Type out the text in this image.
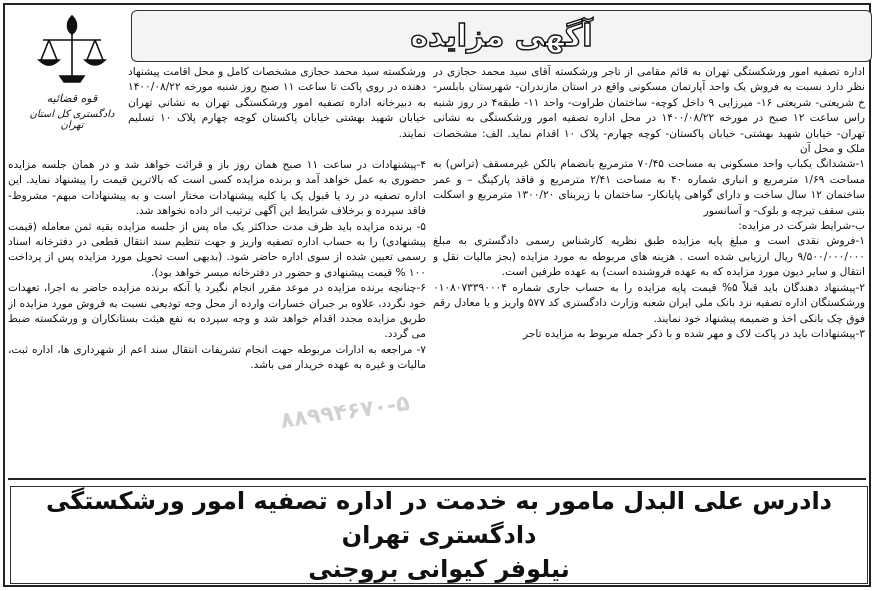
آگهی مزایده
قوه قضائیه
دادگستری کل استان تهران

اداره تصفیه امور ورشکستگی تهران به قائم مقامی از تاجر ورشکسته آقای سید محمد حجازی در نظر دارد نسبت به فروش یک واحد آپارتمان مسکونی واقع در استان مازندران- شهرستان بابلسر- خ شریعتی- شریعتی ۱۶- میرزایی ۹ داخل کوچه- ساختمان طراوت- واحد ۱۱- طبقه۴ در روز شنبه راس ساعت ۱۲ صبح در مورخه ۱۴۰۰/۰۸/۲۲ در محل اداره تصفیه امور ورشکستگی به نشانی تهران- خیابان شهید بهشتی- خیابان پاکستان- کوچه چهارم- پلاک ۱۰ اقدام نماید. الف: مشخصات ملک و محل آن

۱-ششدانگ یکباب واحد مسکونی به مساحت ۷۰/۴۵ مترمربع بانضمام بالکن غیرمسقف (تراس) به مساحت ۱/۶۹ مترمربع و انباری شماره ۴۰ به مساحت ۲/۴۱ مترمربع و فاقد پارکینگ – و عمر ساختمان ۱۲ سال ساخت و دارای گواهی پایانکار- ساختمان با زیربنای ۱۳۰۰/۲۰ مترمربع و اسکلت بتنی سقف تیرچه و بلوک- و آسانسور

ب-شرایط شرکت در مزایده:

۱-فروش نقدی است و مبلغ پایه مزایده طبق نظریه کارشناس رسمی دادگستری به مبلغ ۹/۵۰۰/۰۰۰/۰۰۰ ریال ارزیابی شده است . هزینه های مربوطه به مورد مزایده (بجز مالیات نقل و انتقال و سایر دیون مورد مزایده که به عهده فروشنده است) به عهده طرفین است.

۲-پیشنهاد دهندگان باید قبلاً ۵% قیمت پایه مزایده را به حساب جاری شماره ۰۱۰۸۰۷۳۳۹۰۰۰۴ ورشکستگان اداره تصفیه نزد بانک ملی ایران شعبه وزارت دادگستری کد ۵۷۷ واریز و یا معادل رقم فوق چک بانکی اخذ و ضمیمه پیشنهاد خود نمایند.

۳-پیشنهادات باید در پاکت لاک و مهر شده و با ذکر جمله مربوط به مزایده تاجر

ورشکسته سید محمد حجازی مشخصات کامل و محل اقامت پیشنهاد دهنده در روی پاکت تا ساعت ۱۱ صبح روز شنبه مورخه ۱۴۰۰/۰۸/۲۲ به دبیرخانه اداره تصفیه امور ورشکستگی تهران به نشانی تهران خیابان شهید بهشتی خیابان پاکستان کوچه چهارم پلاک ۱۰ تسلیم نمایند.

۴-پیشنهادات در ساعت ۱۱ صبح همان روز باز و قرائت خواهد شد و در همان جلسه مزایده حضوری به عمل خواهد آمد و برنده مزایده کسی است که بالاترین قیمت را پیشنهاد نماید. این اداره تصفیه در رد یا قبول یک یا کلیه پیشنهادات مختار است و به پیشنهادات مبهم- مشروط- فاقد سپرده و برخلاف شرایط این آگهی ترتیب اثر داده نخواهد شد.

۵- برنده مزایده باید ظرف مدت حداکثر یک ماه پس از جلسه مزایده بقیه ثمن معامله (قیمت پیشنهادی) را به حساب اداره تصفیه واریز و جهت تنظیم سند انتقال قطعی در دفترخانه اسناد رسمی تعیین شده از سوی اداره حاضر شود. (بدیهی است تحویل مورد مزایده پس از پرداخت ۱۰۰ % قیمت پیشنهادی و حضور در دفترخانه میسر خواهد بود).

۶-چنانچه برنده مزایده در موعد مقرر انجام نگیرد یا آنکه برنده مزایده حاضر به اجرا، تعهدات خود نگردد، علاوه بر جبران خسارات وارده از محل وجه تودیعی نسبت به فروش مورد مزایده از طریق مزایده مجدد اقدام خواهد شد و وجه سپرده به نفع هیئت بستانکاران و ورشکسته ضبط می گردد.

۷- مراجعه به ادارات مربوطه جهت انجام تشریفات انتقال سند اعم از شهرداری ها، اداره ثبت، مالیات و غیره به عهده خریدار می باشد.

۸۸۹۹۴۶۷۰-۵
دادرس علی البدل مامور به خدمت در اداره تصفیه امور ورشکستگی دادگستری تهران
نیلوفر کیوانی بروجنی
